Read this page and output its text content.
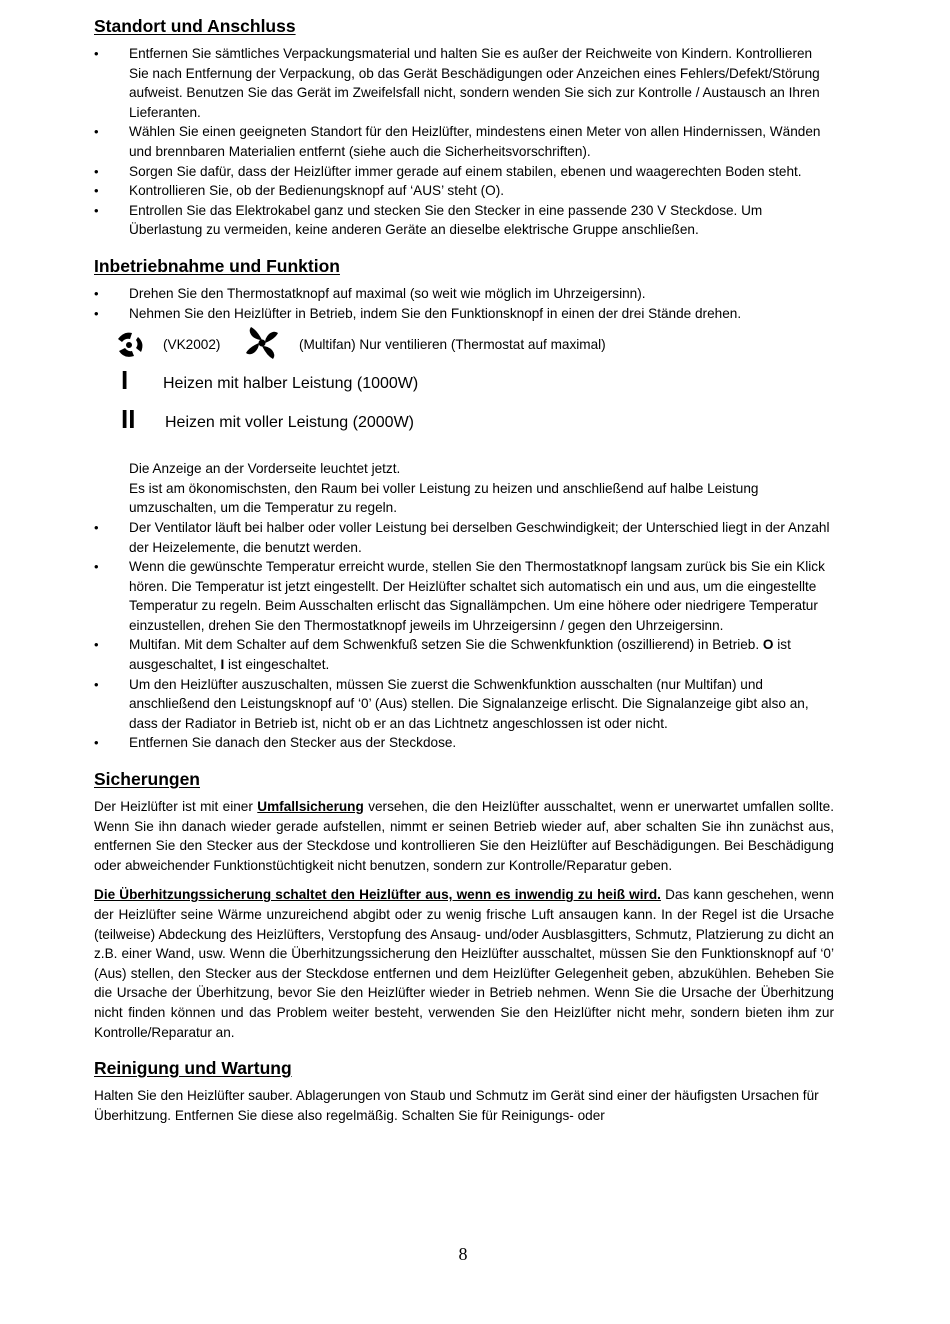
Standort und Anschluss
• Entfernen Sie sämtliches Verpackungsmaterial und halten Sie es außer der Reichweite von Kindern. Kontrollieren Sie nach Entfernung der Verpackung, ob das Gerät Beschädigungen oder Anzeichen eines Fehlers/Defekt/Störung aufweist. Benutzen Sie das Gerät im Zweifelsfall nicht, sondern wenden Sie sich zur Kontrolle / Austausch an Ihren Lieferanten.
• Wählen Sie einen geeigneten Standort für den Heizlüfter, mindestens einen Meter von allen Hindernissen, Wänden und brennbaren Materialien entfernt (siehe auch die Sicherheitsvorschriften).
• Sorgen Sie dafür, dass der Heizlüfter immer gerade auf einem stabilen, ebenen und waagerechten Boden steht.
• Kontrollieren Sie, ob der Bedienungsknopf auf ‘AUS’ steht (O).
• Entrollen Sie das Elektrokabel ganz und stecken Sie den Stecker in eine passende 230 V Steckdose. Um Überlastung zu vermeiden, keine anderen Geräte an dieselbe elektrische Gruppe anschließen.
Inbetriebnahme und Funktion
• Drehen Sie den Thermostatknopf auf maximal (so weit wie möglich im Uhrzeigersinn).
• Nehmen Sie den Heizlüfter in Betrieb, indem Sie den Funktionsknopf in einen der drei Stände drehen.
(VK2002)	(Multifan) Nur ventilieren (Thermostat auf maximal)
I Heizen mit halber Leistung (1000W)
II Heizen mit voller Leistung (2000W)

Die Anzeige an der Vorderseite leuchtet jetzt.

Es ist am ökonomischsten, den Raum bei voller Leistung zu heizen und anschließend auf halbe Leistung umzuschalten, um die Temperatur zu regeln.

• Der Ventilator läuft bei halber oder voller Leistung bei derselben Geschwindigkeit; der Unterschied liegt in der Anzahl der Heizelemente, die benutzt werden.
• Wenn die gewünschte Temperatur erreicht wurde, stellen Sie den Thermostatknopf langsam zurück bis Sie ein Klick hören. Die Temperatur ist jetzt eingestellt. Der Heizlüfter schaltet sich automatisch ein und aus, um die eingestellte Temperatur zu regeln. Beim Ausschalten erlischt das Signallämpchen. Um eine höhere oder niedrigere Temperatur einzustellen, drehen Sie den Thermostatknopf jeweils im Uhrzeigersinn / gegen den Uhrzeigersinn.
• Multifan. Mit dem Schalter auf dem Schwenkfuß setzen Sie die Schwenkfunktion (oszillierend) in Betrieb. O ist ausgeschaltet, I ist eingeschaltet.
• Um den Heizlüfter auszuschalten, müssen Sie zuerst die Schwenkfunktion ausschalten (nur Multifan) und anschließend den Leistungsknopf auf ‘0’ (Aus) stellen. Die Signalanzeige erlischt. Die Signalanzeige gibt also an, dass der Radiator in Betrieb ist, nicht ob er an das Lichtnetz angeschlossen ist oder nicht.
• Entfernen Sie danach den Stecker aus der Steckdose.
Sicherungen

Der Heizlüfter ist mit einer Umfallsicherung versehen, die den Heizlüfter ausschaltet, wenn er unerwartet umfallen sollte. Wenn Sie ihn danach wieder gerade aufstellen, nimmt er seinen Betrieb wieder auf, aber schalten Sie ihn zunächst aus, entfernen Sie den Stecker aus der Steckdose und kontrollieren Sie den Heizlüfter auf Beschädigungen. Bei Beschädigung oder abweichender Funktionstüchtigkeit nicht benutzen, sondern zur Kontrolle/Reparatur geben.

Die Überhitzungssicherung schaltet den Heizlüfter aus, wenn es inwendig zu heiß wird. Das kann geschehen, wenn der Heizlüfter seine Wärme unzureichend abgibt oder zu wenig frische Luft ansaugen kann. In der Regel ist die Ursache (teilweise) Abdeckung des Heizlüfters, Verstopfung des Ansaug- und/oder Ausblasgitters, Schmutz, Platzierung zu dicht an z.B. einer Wand, usw. Wenn die Überhitzungssicherung den Heizlüfter ausschaltet, müssen Sie den Funktionsknopf auf ‘0’ (Aus) stellen, den Stecker aus der Steckdose entfernen und dem Heizlüfter Gelegenheit geben, abzukühlen. Beheben Sie die Ursache der Überhitzung, bevor Sie den Heizlüfter wieder in Betrieb nehmen. Wenn Sie die Ursache der Überhitzung nicht finden können und das Problem weiter besteht, verwenden Sie den Heizlüfter nicht mehr, sondern bieten ihm zur Kontrolle/Reparatur an.

Reinigung und Wartung

Halten Sie den Heizlüfter sauber. Ablagerungen von Staub und Schmutz im Gerät sind einer der häufigsten Ursachen für Überhitzung. Entfernen Sie diese also regelmäßig. Schalten Sie für Reinigungs- oder

8
